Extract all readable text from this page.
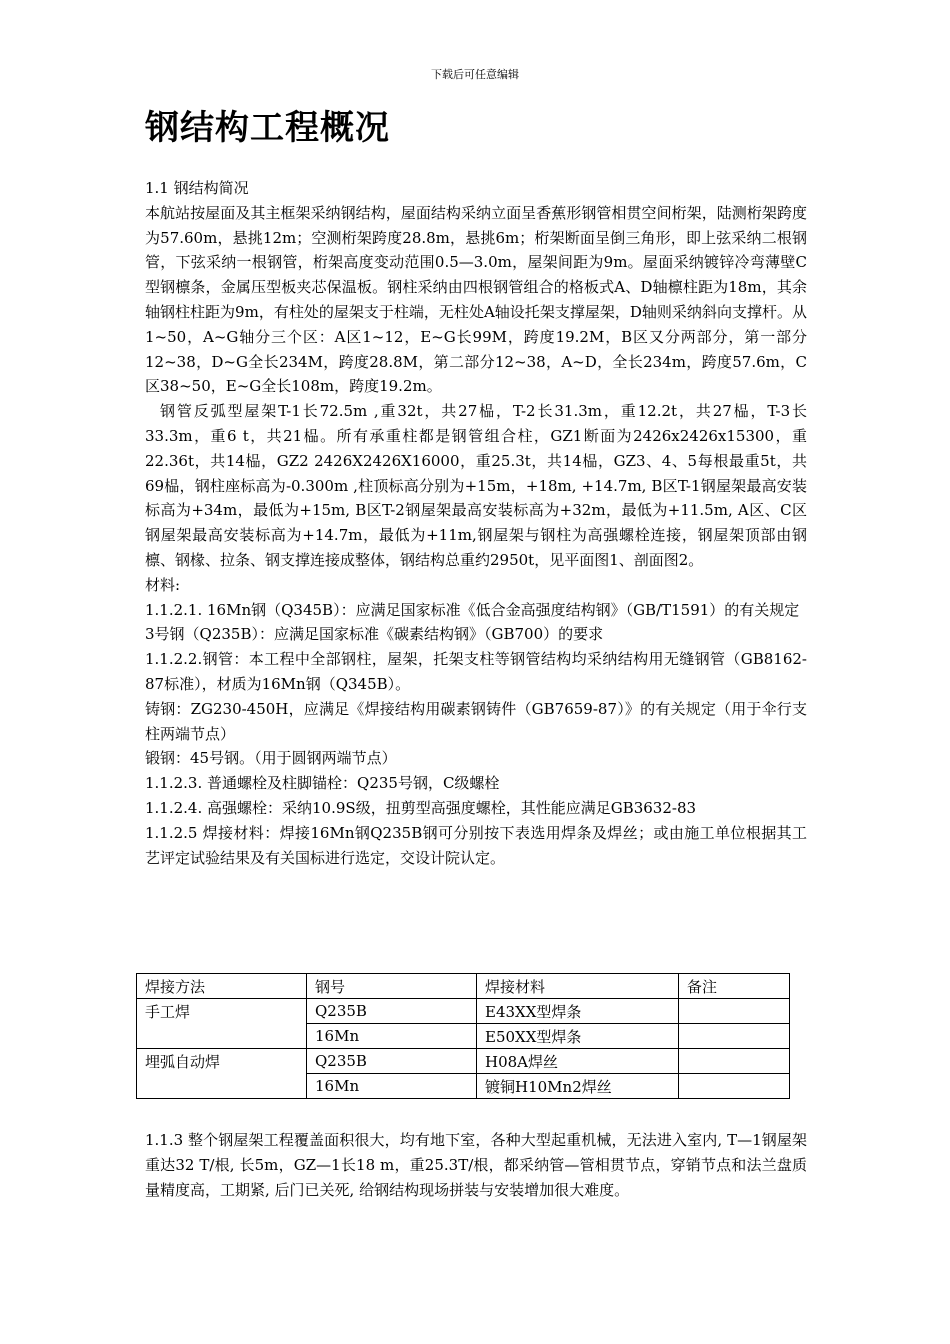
下载后可任意编辑
钢结构工程概况

1.1 钢结构简况

本航站按屋面及其主框架采纳钢结构，屋面结构采纳立面呈香蕉形钢管相贯空间桁架，陆测桁架跨度为57.60m，悬挑12m；空测桁架跨度28.8m，悬挑6m；桁架断面呈倒三角形，即上弦采纳二根钢管，下弦采纳一根钢管，桁架高度变动范围0.5—3.0m，屋架间距为9m。屋面采纳镀锌冷弯薄壁C型钢檩条，金属压型板夹芯保温板。钢柱采纳由四根钢管组合的格板式A、D轴檩柱距为18m，其余轴钢柱柱距为9m，有柱处的屋架支于柱端，无柱处A轴设托架支撑屋架，D轴则采纳斜向支撑杆。从1~50，A~G轴分三个区：A区1~12，E~G长99M，跨度19.2M，B区又分两部分，第一部分12~38，D~G全长234M，跨度28.8M，第二部分12~38，A~D，全长234m，跨度57.6m，C区38~50，E~G全长108m，跨度19.2m。

钢管反弧型屋架T-1长72.5m ,重32t，共27榀，T-2长31.3m，重12.2t，共27榀，T-3长33.3m，重6 t，共21榀。所有承重柱都是钢管组合柱，GZ1断面为2426x2426x15300，重22.36t，共14榀，GZ2 2426X2426X16000，重25.3t，共14榀，GZ3、4、5每根最重5t，共69榀，钢柱座标高为-0.300m ,柱顶标高分别为+15m，+18m, +14.7m, B区T-1钢屋架最高安装标高为+34m，最低为+15m, B区T-2钢屋架最高安装标高为+32m，最低为+11.5m, A区、C区钢屋架最高安装标高为+14.7m，最低为+11m,钢屋架与钢柱为高强螺栓连接，钢屋架顶部由钢檩、钢椽、拉条、钢支撑连接成整体，钢结构总重约2950t，见平面图1、剖面图2。

材料:

1.1.2.1. 16Mn钢（Q345B）：应满足国家标准《低合金高强度结构钢》（GB/T1591）的有关规定

3号钢（Q235B）：应满足国家标准《碳素结构钢》（GB700）的要求

1.1.2.2.钢管：本工程中全部钢柱，屋架，托架支柱等钢管结构均采纳结构用无缝钢管（GB8162-87标准），材质为16Mn钢（Q345B）。

铸钢：ZG230-450H，应满足《焊接结构用碳素钢铸件（GB7659-87）》的有关规定（用于伞行支柱两端节点）

锻钢：45号钢。（用于圆钢两端节点）

1.1.2.3. 普通螺栓及柱脚锚栓：Q235号钢，C级螺栓

1.1.2.4. 高强螺栓：采纳10.9S级，扭剪型高强度螺栓，其性能应满足GB3632-83

1.1.2.5 焊接材料：焊接16Mn钢Q235B钢可分别按下表选用焊条及焊丝；或由施工单位根据其工艺评定试验结果及有关国标进行选定，交设计院认定。

焊接方法	钢号	焊接材料	备注
手工焊	Q235B	E43XX型焊条	
	16Mn	E50XX型焊条	
埋弧自动焊	Q235B	H08A焊丝	
	16Mn	镀铜H10Mn2焊丝	
1.1.3 整个钢屋架工程覆盖面积很大，均有地下室，各种大型起重机械，无法进入室内, T—1钢屋架重达32 T/根, 长5m，GZ—1长18 m，重25.3T/根，都采纳管—管相贯节点，穿销节点和法兰盘质量精度高，工期紧, 后门已关死, 给钢结构现场拼装与安装增加很大难度。
